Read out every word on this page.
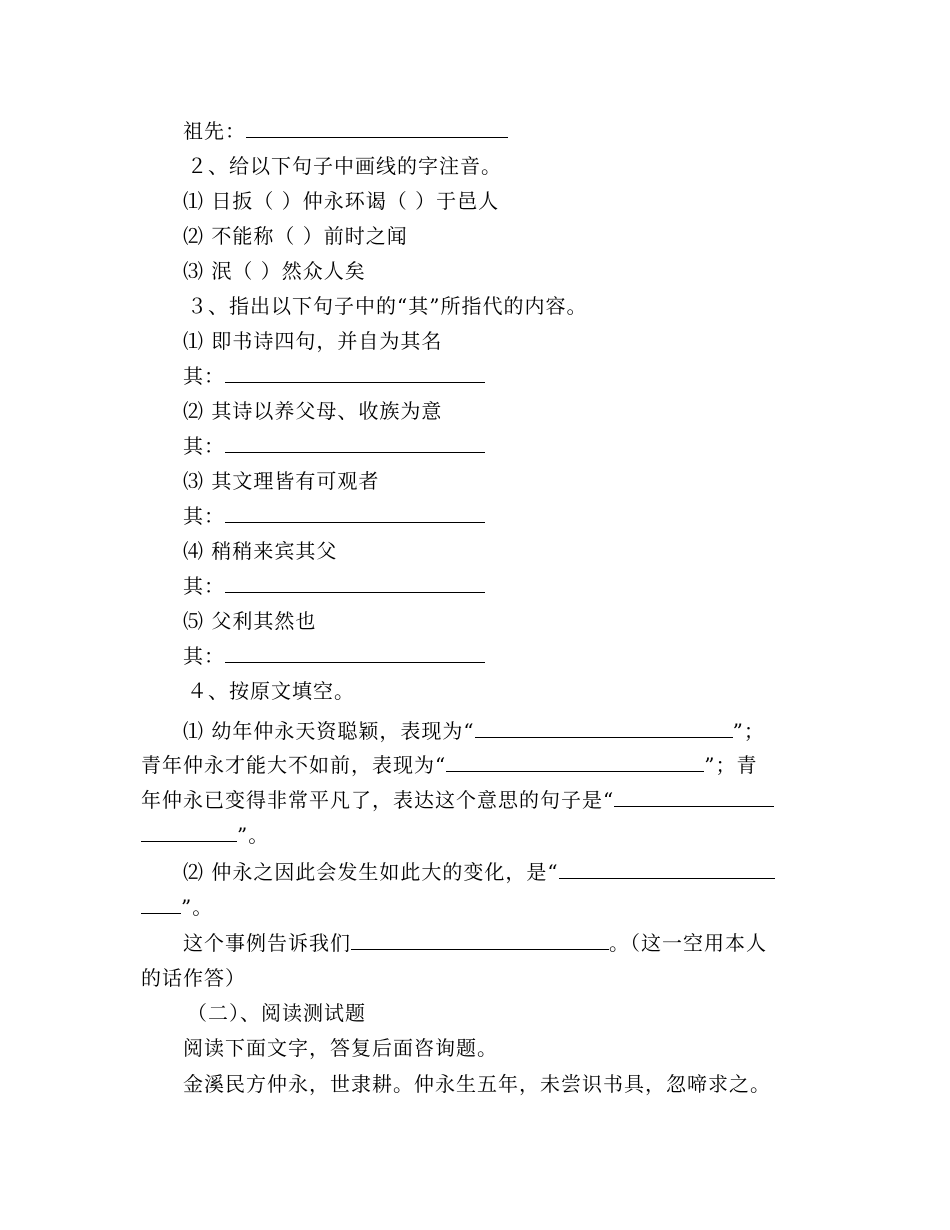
祖先：
２、给以下句子中画线的字注音。
⑴ 日扳（ ）仲永环谒（ ）于邑人
⑵ 不能称（ ）前时之闻
⑶ 泯（ ）然众人矣
３、指出以下句子中的“其”所指代的内容。
⑴ 即书诗四句，并自为其名
其：
⑵ 其诗以养父母、收族为意
其：
⑶ 其文理皆有可观者
其：
⑷ 稍稍来宾其父
其：
⑸ 父利其然也
其：
４、按原文填空。
⑴ 幼年仲永天资聪颖，表现为“	”；
青年仲永才能大不如前，表现为“	”；青
年仲永已变得非常平凡了，表达这个意思的句子是“
”。
⑵ 仲永之因此会发生如此大的变化，是“
”。
这个事例告诉我们	。（这一空用本人
的话作答）
（二）、阅读测试题
阅读下面文字，答复后面咨询题。
金溪民方仲永，世隶耕。仲永生五年，未尝识书具，忽啼求之。
